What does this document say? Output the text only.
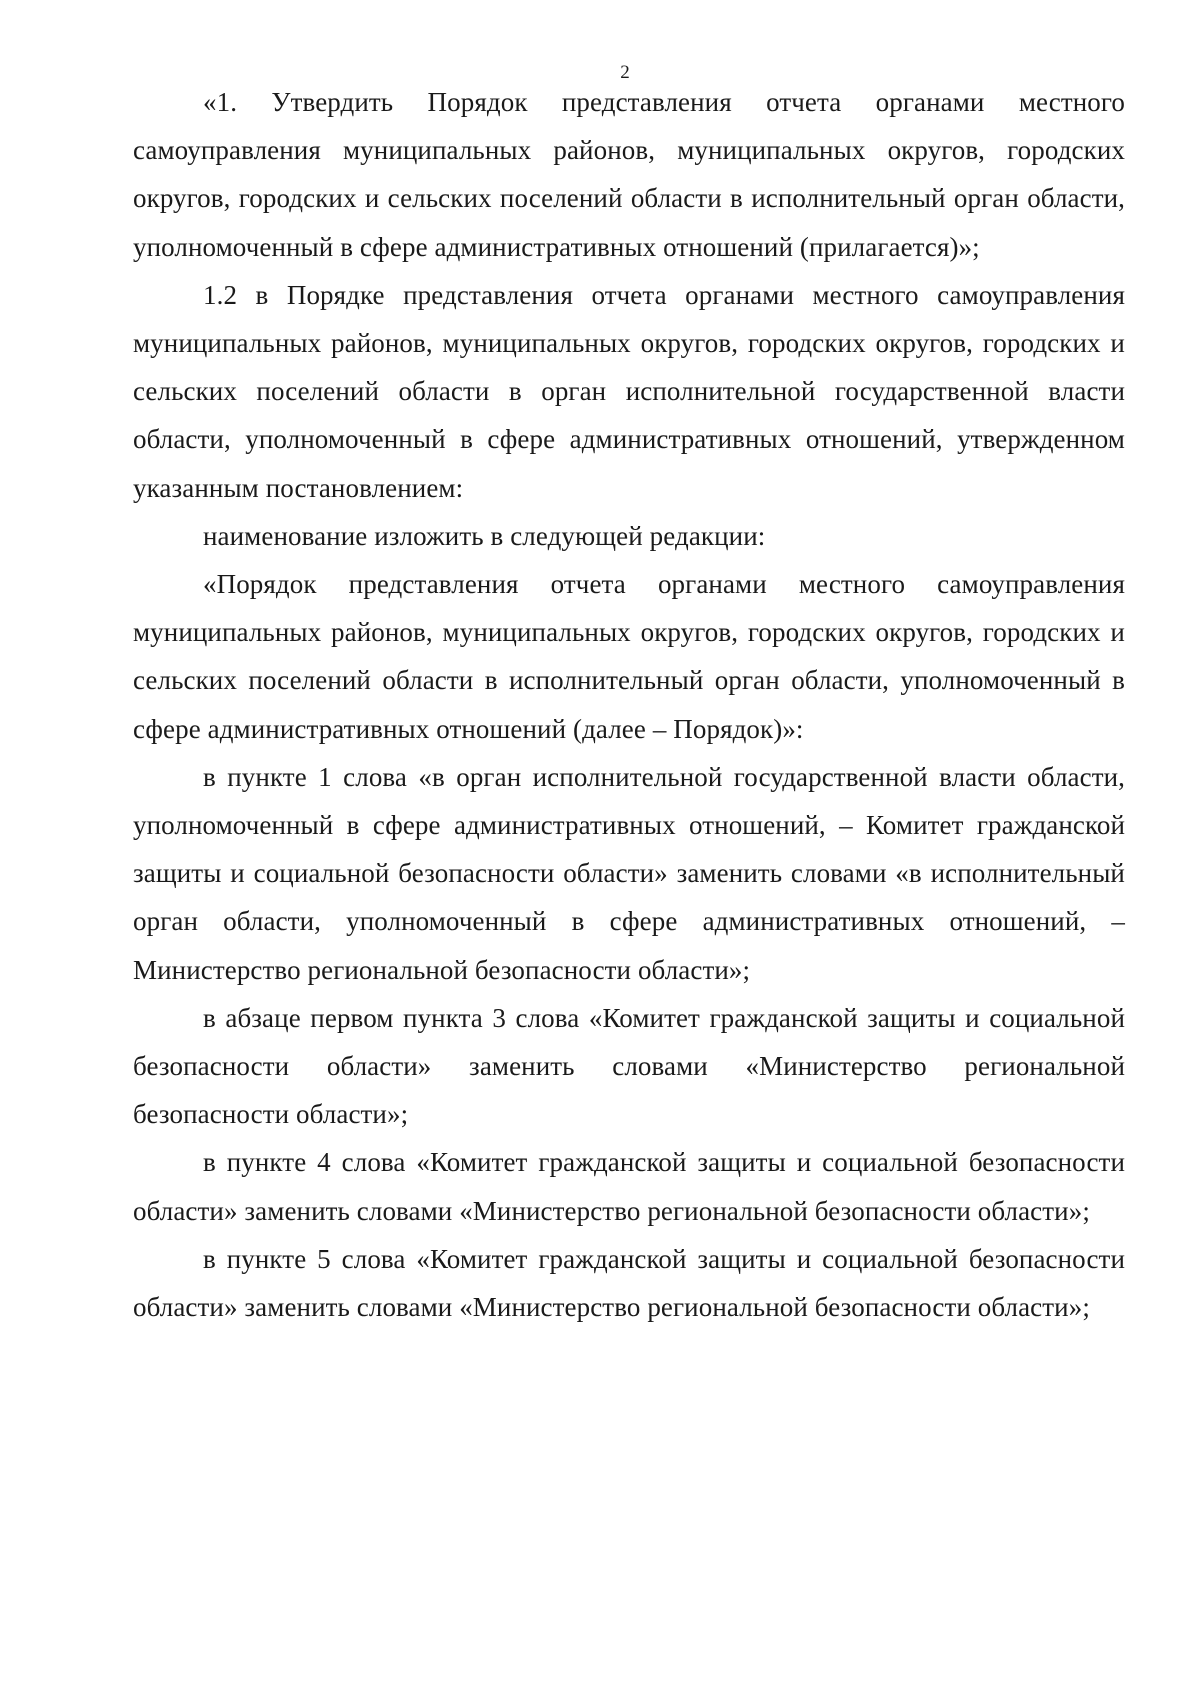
2

«1. Утвердить Порядок представления отчета органами местного самоуправления муниципальных районов, муниципальных округов, городских округов, городских и сельских поселений области в исполнительный орган области, уполномоченный в сфере административных отношений (прилагается)»;

1.2 в Порядке представления отчета органами местного самоуправления муниципальных районов, муниципальных округов, городских округов, городских и сельских поселений области в орган исполнительной государственной власти области, уполномоченный в сфере административных отношений, утвержденном указанным постановлением:

наименование изложить в следующей редакции:

«Порядок представления отчета органами местного самоуправления муниципальных районов, муниципальных округов, городских округов, городских и сельских поселений области в исполнительный орган области, уполномоченный в сфере административных отношений (далее – Порядок)»:

в пункте 1 слова «в орган исполнительной государственной власти области, уполномоченный в сфере административных отношений, – Комитет гражданской защиты и социальной безопасности области» заменить словами «в исполнительный орган области, уполномоченный в сфере административных отношений, – Министерство региональной безопасности области»;

в абзаце первом пункта 3 слова «Комитет гражданской защиты и социальной безопасности области» заменить словами «Министерство региональной безопасности области»;

в пункте 4 слова «Комитет гражданской защиты и социальной безопасности области» заменить словами «Министерство региональной безопасности области»;

в пункте 5 слова «Комитет гражданской защиты и социальной безопасности области» заменить словами «Министерство региональной безопасности области»;
